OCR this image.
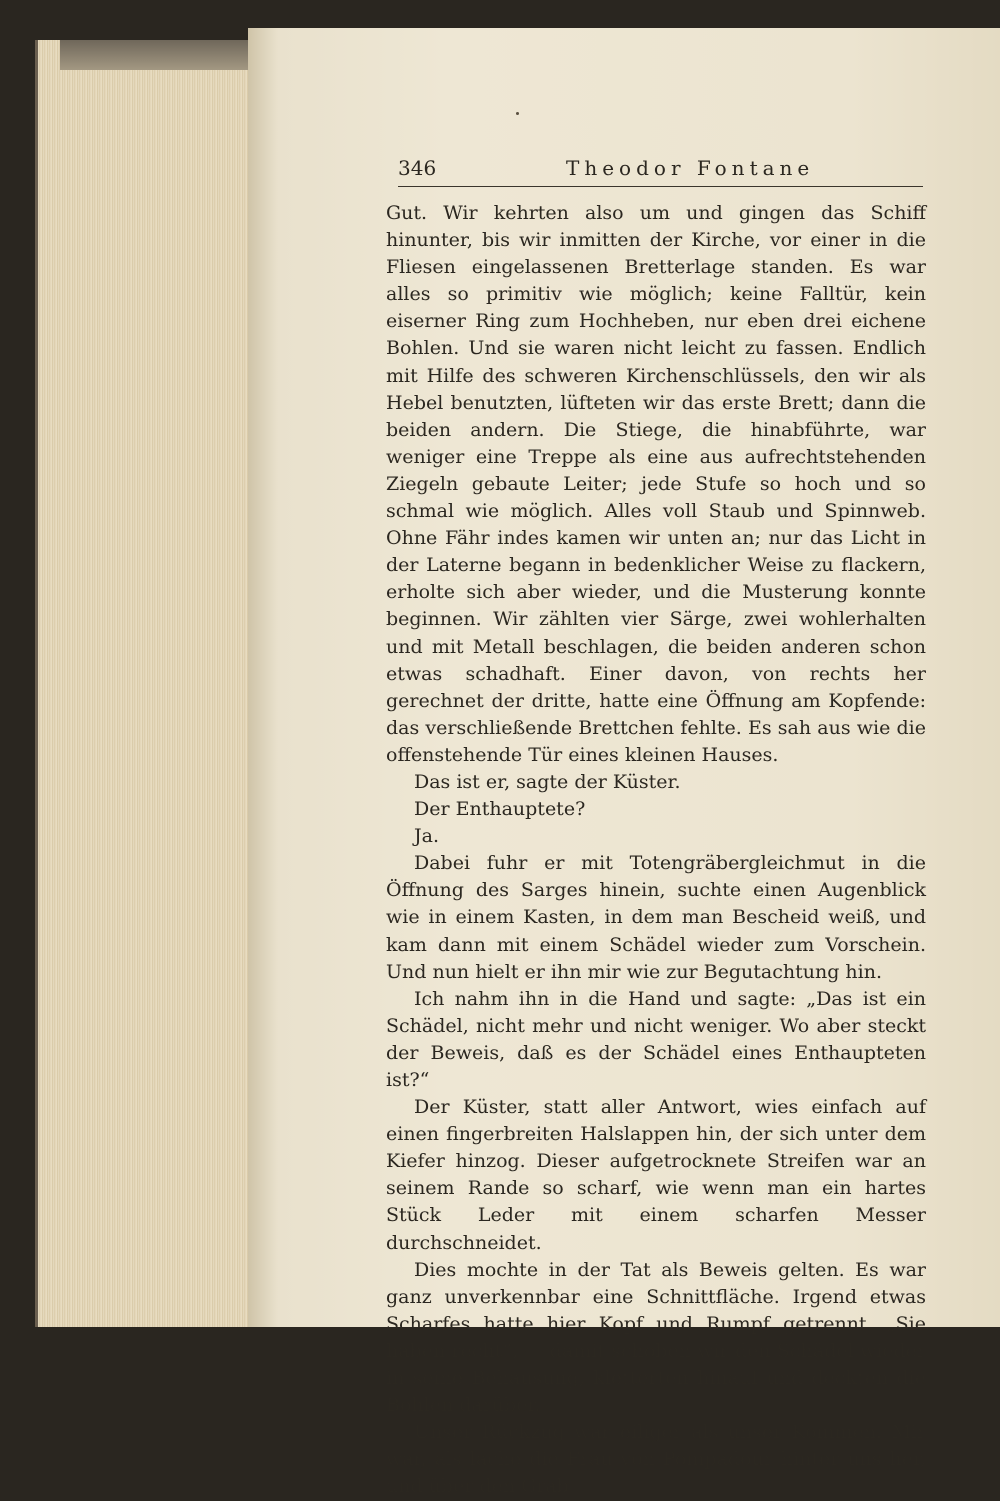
346	Theodor Fontane

Gut. Wir kehrten also um und gingen das Schiff hinunter, bis wir inmitten der Kirche, vor einer in die Fliesen eingelassenen Bretterlage standen. Es war alles so primitiv wie möglich; keine Falltür, kein eiserner Ring zum Hochheben, nur eben drei eichene Bohlen. Und sie waren nicht leicht zu fassen. Endlich mit Hilfe des schweren Kirchenschlüssels, den wir als Hebel benutzten, lüfteten wir das erste Brett; dann die beiden andern. Die Stiege, die hinabführte, war weniger eine Treppe als eine aus aufrechtstehenden Ziegeln gebaute Leiter; jede Stufe so hoch und so schmal wie möglich. Alles voll Staub und Spinnweb. Ohne Fähr indes kamen wir unten an; nur das Licht in der Laterne begann in bedenklicher Weise zu flackern, erholte sich aber wieder, und die Musterung konnte beginnen. Wir zählten vier Särge, zwei wohlerhalten und mit Metall beschlagen, die beiden anderen schon etwas schadhaft. Einer davon, von rechts her gerechnet der dritte, hatte eine Öffnung am Kopfende: das verschließende Brettchen fehlte. Es sah aus wie die offenstehende Tür eines kleinen Hauses.

Das ist er, sagte der Küster.

Der Enthauptete?

Ja.

Dabei fuhr er mit Totengräbergleichmut in die Öffnung des Sarges hinein, suchte einen Augenblick wie in einem Kasten, in dem man Bescheid weiß, und kam dann mit einem Schädel wieder zum Vorschein. Und nun hielt er ihn mir wie zur Begutachtung hin.

Ich nahm ihn in die Hand und sagte: „Das ist ein Schädel, nicht mehr und nicht weniger. Wo aber steckt der Beweis, daß es der Schädel eines Enthaupteten ist?“

Der Küster, statt aller Antwort, wies einfach auf einen fingerbreiten Halslappen hin, der sich unter dem Kiefer hinzog. Dieser aufgetrocknete Streifen war an seinem Rande so scharf, wie wenn man ein hartes Stück Leder mit einem scharfen Messer durchschneidet.

Dies mochte in der Tat als Beweis gelten. Es war ganz unverkennbar eine Schnittfläche. Irgend etwas Scharfes hatte hier Kopf und Rumpf getrennt. „Sie haben recht“, — damit schoben wir den Schädel wieder in seine Behausung, kletterten hinauf und deckten die Bohlen darüber.

Unser Rückzug war eiliger als unser Kommen. Mir war, als lache die Frau von Pompadour hinter uns her, und über den Grab-
